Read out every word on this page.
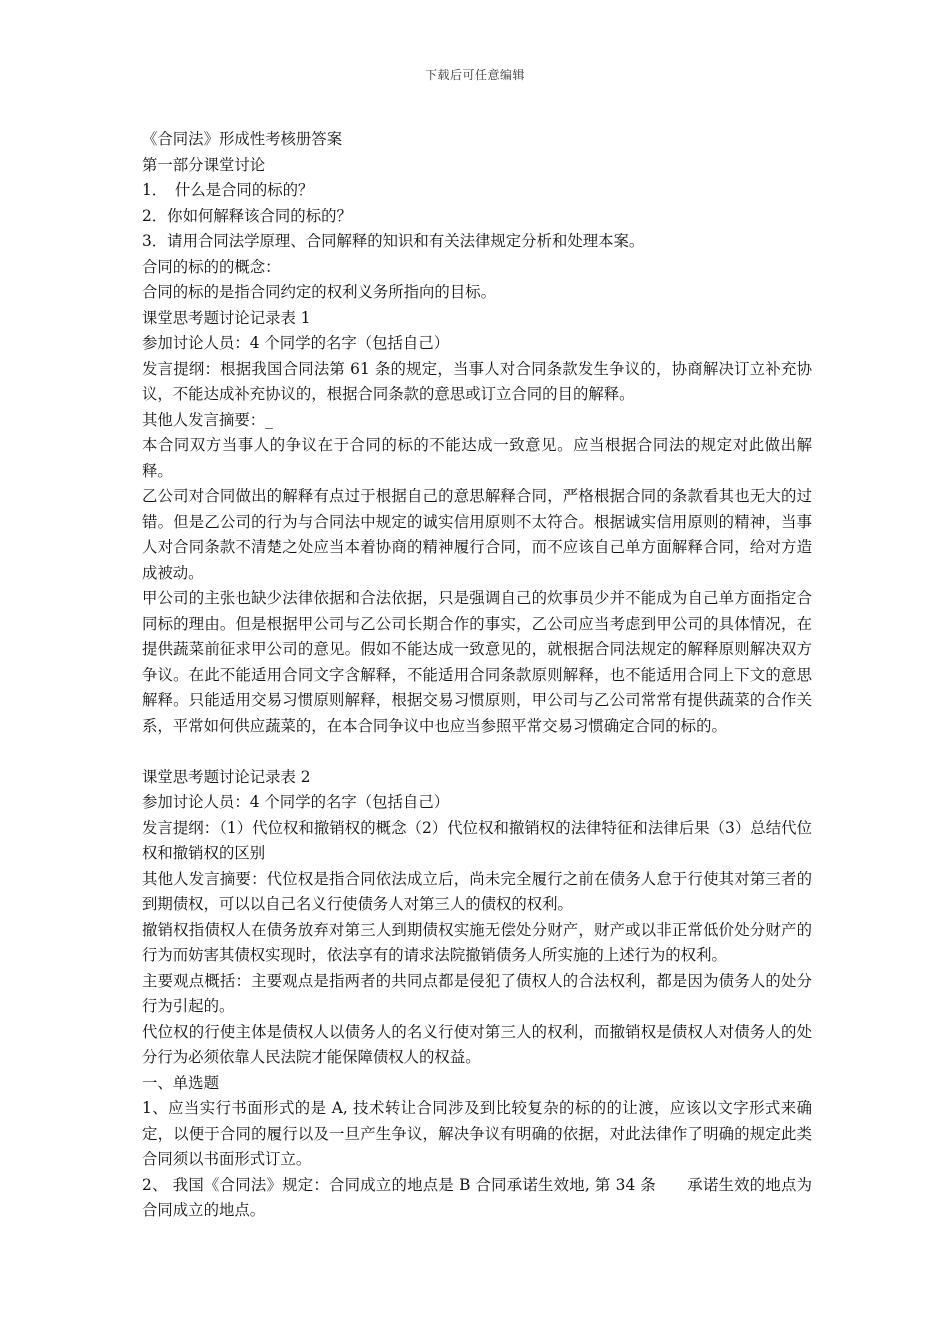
下载后可任意编辑

《合同法》形成性考核册答案

第一部分课堂讨论

1．　什么是合同的标的？

2．你如何解释该合同的标的？

3．请用合同法学原理、合同解释的知识和有关法律规定分析和处理本案。

合同的标的的概念：

合同的标的是指合同约定的权利义务所指向的目标。

课堂思考题讨论记录表 1

参加讨论人员：4 个同学的名字（包括自己）

发言提纲：根据我国合同法第 61 条的规定，当事人对合同条款发生争议的，协商解决订立补充协议，不能达成补充协议的，根据合同条款的意思或订立合同的目的解释。

其他人发言摘要：_

本合同双方当事人的争议在于合同的标的不能达成一致意见。应当根据合同法的规定对此做出解释。

乙公司对合同做出的解释有点过于根据自己的意思解释合同，严格根据合同的条款看其也无大的过错。但是乙公司的行为与合同法中规定的诚实信用原则不太符合。根据诚实信用原则的精神，当事人对合同条款不清楚之处应当本着协商的精神履行合同，而不应该自己单方面解释合同，给对方造成被动。

甲公司的主张也缺少法律依据和合法依据，只是强调自己的炊事员少并不能成为自己单方面指定合同标的理由。但是根据甲公司与乙公司长期合作的事实，乙公司应当考虑到甲公司的具体情况，在提供蔬菜前征求甲公司的意见。假如不能达成一致意见的，就根据合同法规定的解释原则解决双方争议。在此不能适用合同文字含解释，不能适用合同条款原则解释，也不能适用合同上下文的意思解释。只能适用交易习惯原则解释，根据交易习惯原则，甲公司与乙公司常常有提供蔬菜的合作关系，平常如何供应蔬菜的，在本合同争议中也应当参照平常交易习惯确定合同的标的。

课堂思考题讨论记录表 2

参加讨论人员：4 个同学的名字（包括自己）

发言提纲：（1）代位权和撤销权的概念（2）代位权和撤销权的法律特征和法律后果（3）总结代位权和撤销权的区别

其他人发言摘要：代位权是指合同依法成立后，尚未完全履行之前在债务人怠于行使其对第三者的到期债权，可以以自己名义行使债务人对第三人的债权的权利。

撤销权指债权人在债务放弃对第三人到期债权实施无偿处分财产，财产或以非正常低价处分财产的行为而妨害其债权实现时，依法享有的请求法院撤销债务人所实施的上述行为的权利。

主要观点概括：主要观点是指两者的共同点都是侵犯了债权人的合法权利，都是因为债务人的处分行为引起的。

代位权的行使主体是债权人以债务人的名义行使对第三人的权利，而撤销权是债权人对债务人的处分行为必须依靠人民法院才能保障债权人的权益。

一、单选题

1、应当实行书面形式的是 A, 技术转让合同涉及到比较复杂的标的的让渡，应该以文字形式来确定，以便于合同的履行以及一旦产生争议，解决争议有明确的依据，对此法律作了明确的规定此类合同须以书面形式订立。

2、 我国《合同法》规定：合同成立的地点是 B 合同承诺生效地, 第 34 条　　承诺生效的地点为合同成立的地点。
